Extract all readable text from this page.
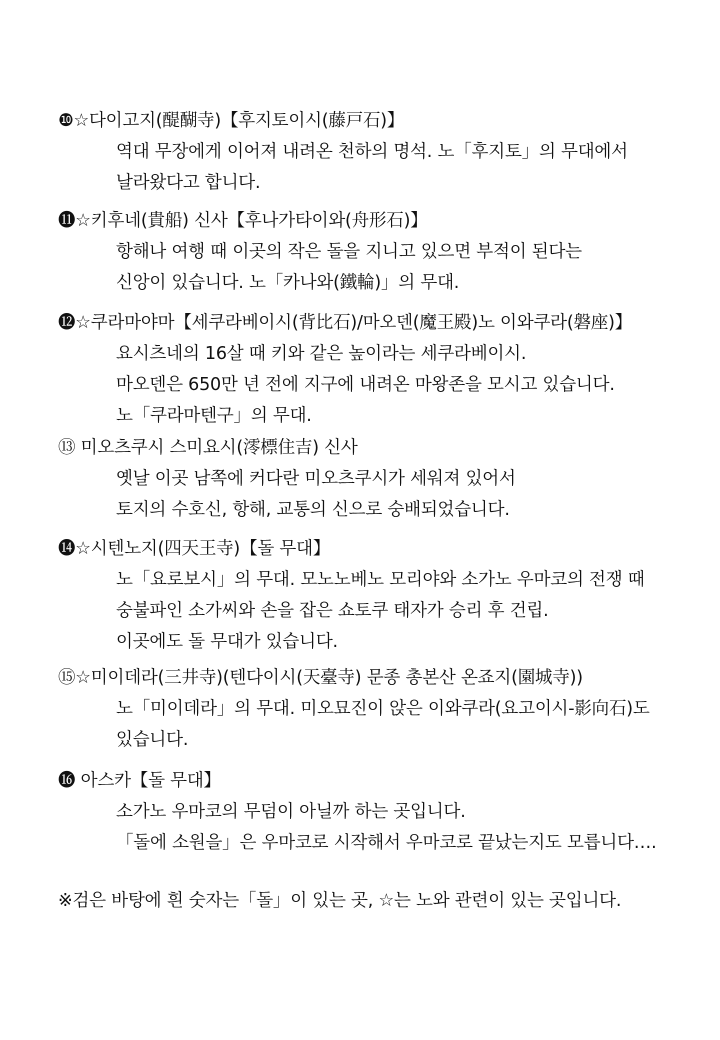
❿☆다이고지(醍醐寺)【후지토이시(藤戸石)】
역대 무장에게 이어져 내려온 천하의 명석. 노「후지토」의 무대에서
날라왔다고 합니다.
⓫☆키후네(貴船) 신사【후나가타이와(舟形石)】
항해나 여행 때 이곳의 작은 돌을 지니고 있으면 부적이 된다는
신앙이 있습니다. 노「카나와(鐵輪)」의 무대.
⓬☆쿠라마야마【세쿠라베이시(背比石)/마오덴(魔王殿)노 이와쿠라(磐座)】
요시츠네의 16살 때 키와 같은 높이라는 세쿠라베이시.
마오덴은 650만 년 전에 지구에 내려온 마왕존을 모시고 있습니다.
노「쿠라마텐구」의 무대.
⑬ 미오츠쿠시 스미요시(澪標住吉) 신사
옛날 이곳 남쪽에 커다란 미오츠쿠시가 세워져 있어서
토지의 수호신, 항해, 교통의 신으로 숭배되었습니다.
⓮☆시텐노지(四天王寺)【돌 무대】
노「요로보시」의 무대. 모노노베노 모리야와 소가노 우마코의 전쟁 때
숭불파인 소가씨와 손을 잡은 쇼토쿠 태자가 승리 후 건립.
이곳에도 돌 무대가 있습니다.
⑮☆미이데라(三井寺)(텐다이시(天臺寺) 문종 총본산 온죠지(園城寺))
노「미이데라」의 무대. 미오묘진이 앉은 이와쿠라(요고이시-影向石)도
있습니다.
⓰ 아스카【돌 무대】
소가노 우마코의 무덤이 아닐까 하는 곳입니다.
「돌에 소원을」은 우마코로 시작해서 우마코로 끝났는지도 모릅니다….
※검은 바탕에 흰 숫자는「돌」이 있는 곳, ☆는 노와 관련이 있는 곳입니다.
